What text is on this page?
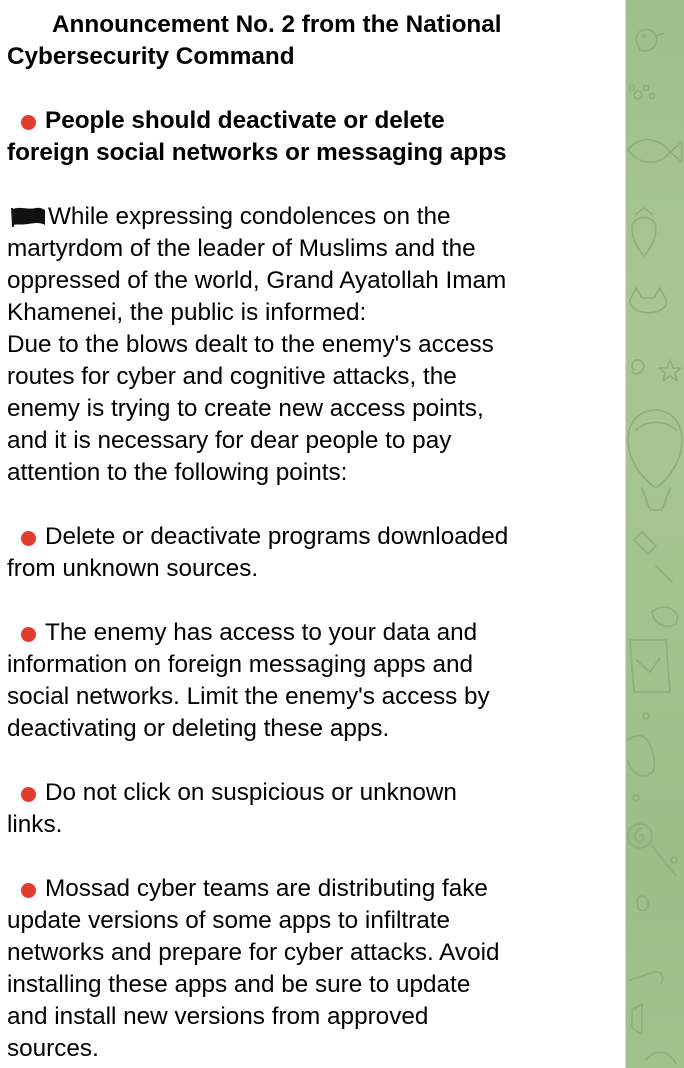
Announcement No. 2 from the National
Cybersecurity Command
People should deactivate or delete
foreign social networks or messaging apps
While expressing condolences on the
martyrdom of the leader of Muslims and the
oppressed of the world, Grand Ayatollah Imam
Khamenei, the public is informed:
Due to the blows dealt to the enemy's access
routes for cyber and cognitive attacks, the
enemy is trying to create new access points,
and it is necessary for dear people to pay
attention to the following points:
Delete or deactivate programs downloaded
from unknown sources.
The enemy has access to your data and
information on foreign messaging apps and
social networks. Limit the enemy's access by
deactivating or deleting these apps.
Do not click on suspicious or unknown
links.
Mossad cyber teams are distributing fake
update versions of some apps to infiltrate
networks and prepare for cyber attacks. Avoid
installing these apps and be sure to update
and install new versions from approved
sources.
